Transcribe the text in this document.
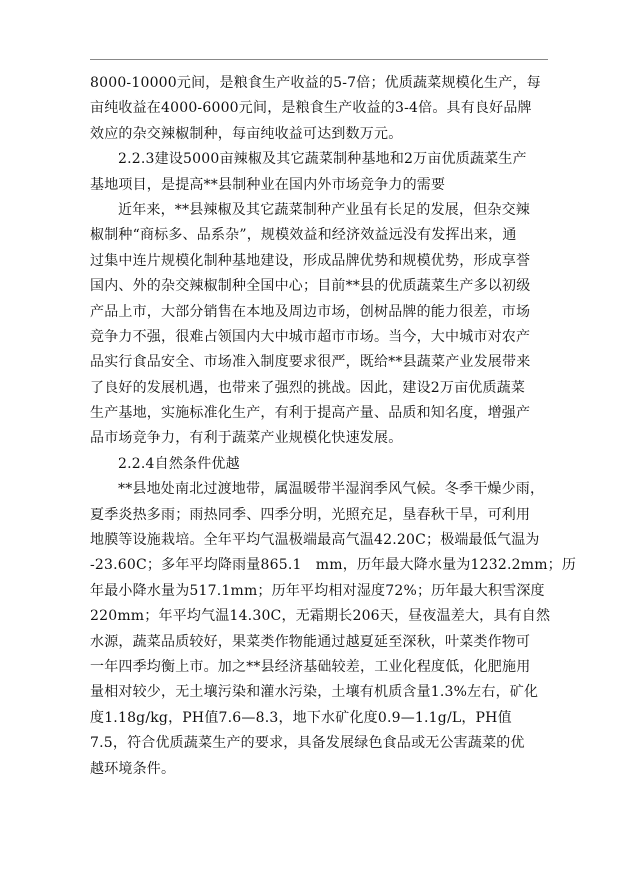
8000-10000元间，是粮食生产收益的5-7倍；优质蔬菜规模化生产，每
亩纯收益在4000-6000元间，是粮食生产收益的3-4倍。具有良好品牌
效应的杂交辣椒制种，每亩纯收益可达到数万元。
2.2.3建设5000亩辣椒及其它蔬菜制种基地和2万亩优质蔬菜生产
基地项目，是提高**县制种业在国内外市场竞争力的需要
近年来，**县辣椒及其它蔬菜制种产业虽有长足的发展，但杂交辣
椒制种“商标多、品系杂”，规模效益和经济效益远没有发挥出来，通
过集中连片规模化制种基地建设，形成品牌优势和规模优势，形成享誉
国内、外的杂交辣椒制种全国中心；目前**县的优质蔬菜生产多以初级
产品上市，大部分销售在本地及周边市场，创树品牌的能力很差，市场
竞争力不强，很难占领国内大中城市超市市场。当今，大中城市对农产
品实行食品安全、市场准入制度要求很严，既给**县蔬菜产业发展带来
了良好的发展机遇，也带来了强烈的挑战。因此，建设2万亩优质蔬菜
生产基地，实施标准化生产，有利于提高产量、品质和知名度，增强产
品市场竞争力，有利于蔬菜产业规模化快速发展。
2.2.4自然条件优越
**县地处南北过渡地带，属温暖带半湿润季风气候。冬季干燥少雨，
夏季炎热多雨；雨热同季、四季分明，光照充足，垦春秋干旱，可利用
地膜等设施栽培。全年平均气温极端最高气温42.20C；极端最低气温为
-23.60C；多年平均降雨量865.1　mm，历年最大降水量为1232.2mm；历
年最小降水量为517.1mm；历年平均相对湿度72%；历年最大积雪深度
220mm；年平均气温14.30C，无霜期长206天，昼夜温差大，具有自然
水源，蔬菜品质较好，果菜类作物能通过越夏延至深秋，叶菜类作物可
一年四季均衡上市。加之**县经济基础较差，工业化程度低，化肥施用
量相对较少，无土壤污染和灌水污染，土壤有机质含量1.3%左右，矿化
度1.18g/kg，PH值7.6—8.3，地下水矿化度0.9—1.1g/L，PH值
7.5，符合优质蔬菜生产的要求，具备发展绿色食品或无公害蔬菜的优
越环境条件。
